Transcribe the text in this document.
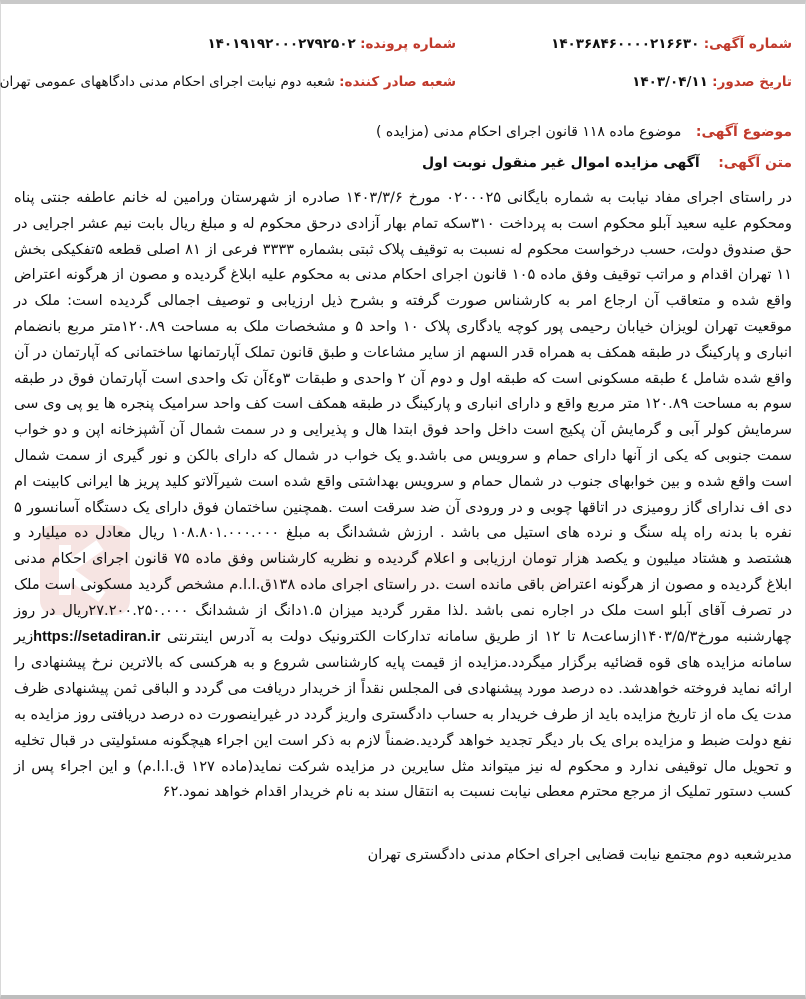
شماره آگهی: ۱۴۰۳۶۸۴۶۰۰۰۰۲۱۶۶۳۰
شماره پرونده: ۱۴۰۱۹۱۹۲۰۰۰۲۷۹۲۵۰۲
تاریخ صدور: ۱۴۰۳/۰۴/۱۱
شعبه صادر کننده: شعبه دوم نیابت اجرای احکام مدنی دادگاههای عمومی تهران
موضوع آگهی: موضوع ماده ۱۱۸ قانون اجرای احکام مدنی (مزایده )
متن آگهی: آگهی مزایده اموال غیر منقول نوبت اول
در راستای اجرای مفاد نیابت به شماره بایگانی ۰۲۰۰۰۲۵ مورخ ۱۴۰۳/۳/۶ صادره از شهرستان ورامین له خانم عاطفه جنتی پناه ومحکوم علیه سعید آبلو محکوم است به پرداخت ۳۱۰سکه تمام بهار آزادی درحق محکوم له و مبلغ ریال بابت نیم عشر اجرایی در حق صندوق دولت، حسب درخواست محکوم له نسبت به توقیف پلاک ثبتی بشماره ۳۳۳۳ فرعی از ۸۱ اصلی قطعه ۵تفکیکی بخش ۱۱ تهران اقدام و مراتب توقیف وفق ماده ۱۰۵ قانون اجرای احکام مدنی به محکوم علیه ابلاغ گردیده و مصون از هرگونه اعتراض واقع شده و متعاقب آن ارجاع امر به کارشناس صورت گرفته و بشرح ذیل ارزیابی و توصیف اجمالی گردیده است: ملک در موقعیت تهران لویزان خیابان رحیمی پور کوچه یادگاری پلاک ۱۰ واحد ۵ و مشخصات ملک به مساحت ۱۲۰.۸۹متر مربع بانضمام انباری و پارکینگ در طبقه همکف به همراه قدر السهم از سایر مشاعات و طبق قانون تملک آپارتمانها ساختمانی که آپارتمان در آن واقع شده شامل ٤ طبقه مسکونی است که طبقه اول و دوم آن ۲ واحدی و طبقات ۳و٤آن تک واحدی است آپارتمان فوق در طبقه سوم به مساحت ۱۲۰.۸۹ متر مربع واقع و دارای انباری و پارکینگ در طبقه همکف است کف واحد سرامیک پنجره ها یو پی وی سی سرمایش کولر آبی و گرمایش آن پکیج است داخل واحد فوق ابتدا هال و پذیرایی و در سمت شمال آن آشپزخانه اپن و دو خواب سمت جنوبی که یکی از آنها دارای حمام و سرویس می باشد.و یک خواب در شمال که دارای بالکن و نور گیری از سمت شمال است واقع شده و بین خوابهای جنوب در شمال حمام و سرویس بهداشتی واقع شده است شیرآلاتو کلید پریز ها ایرانی کابینت ام دی اف ندارای گاز رومیزی در اتاقها چوبی و در ورودی آن ضد سرقت است .همچنین ساختمان فوق دارای یک دستگاه آسانسور ۵ نفره با بدنه راه پله سنگ و نرده های استیل می باشد . ارزش ششدانگ به مبلغ ۱۰۸.۸۰۱.۰۰۰.۰۰۰ ریال معادل ده میلیارد و هشتصد و هشتاد میلیون و یکصد هزار تومان ارزیابی و اعلام گردیده و نظریه کارشناس وفق ماده ۷۵ قانون اجرای احکام مدنی ابلاغ گردیده و مصون از هرگونه اعتراض باقی مانده است .در راستای اجرای ماده ۱۳۸ق.ا.ا.م مشخص گردید مسکونی است ملک در تصرف آقای آبلو است ملک در اجاره نمی باشد .لذا مقرر گردید میزان ۱.۵دانگ از ششدانگ ۲۷.۲۰۰.۲۵۰.۰۰۰ریال در روز چهارشنبه مورخ۱۴۰۳/۵/۳ازساعت۸ تا ۱۲ از طریق سامانه تدارکات الکترونیک دولت به آدرس اینترنتی https://setadiran.irزیر سامانه مزایده های قوه قضائیه برگزار میگردد.مزایده از قیمت پایه کارشناسی شروع و به هرکسی که بالاترین نرخ پیشنهادی را ارائه نماید فروخته خواهدشد. ده درصد مورد پیشنهادی فی المجلس نقداً از خریدار دریافت می گردد و الباقی ثمن پیشنهادی ظرف مدت یک ماه از تاریخ مزایده باید از طرف خریدار به حساب دادگستری واریز گردد در غیراینصورت ده درصد دریافتی روز مزایده به نفع دولت ضبط و مزایده برای یک بار دیگر تجدید خواهد گردید.ضمناً لازم به ذکر است این اجراء هیچگونه مسئولیتی در قبال تخلیه و تحویل مال توقیفی ندارد و محکوم له نیز میتواند مثل سایرین در مزایده شرکت نماید(ماده ۱۲۷ ق.ا.ا.م) و این اجراء پس از کسب دستور تملیک از مرجع محترم معطی نیابت نسبت به انتقال سند به نام خریدار اقدام خواهد نمود.۶۲
مدیرشعبه دوم مجتمع نیابت قضایی اجرای احکام مدنی دادگستری تهران
